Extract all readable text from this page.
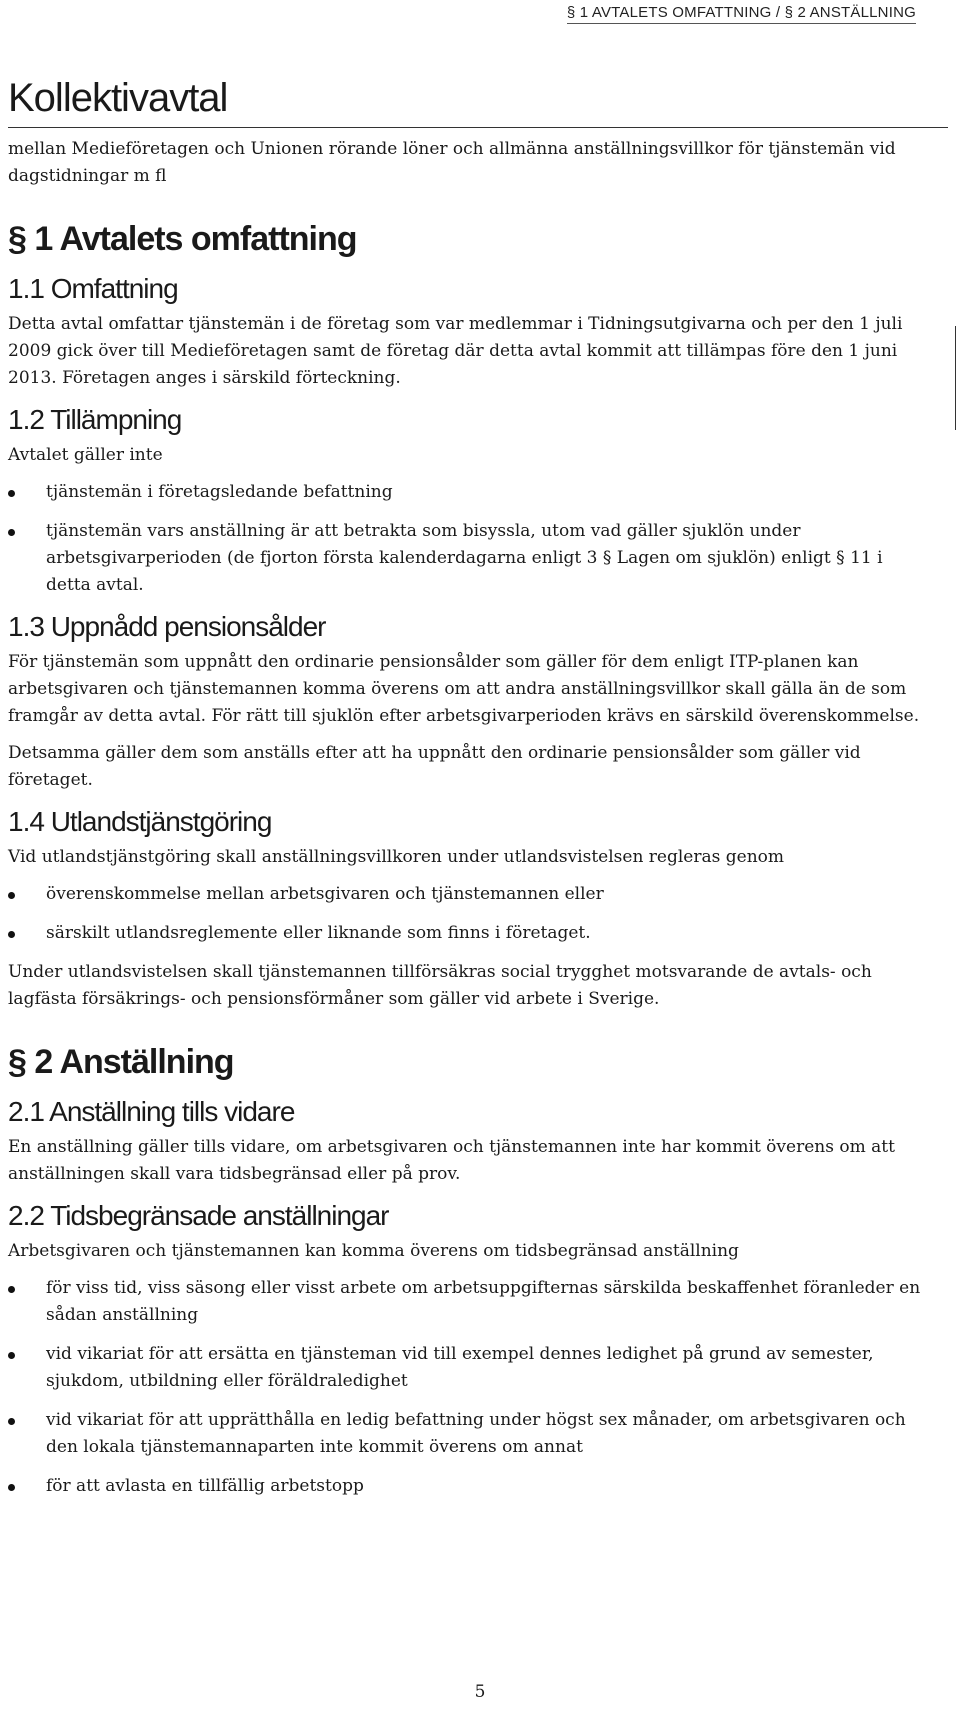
§ 1 AVTALETS OMFATTNING / § 2 ANSTÄLLNING
Kollektivavtal

mellan Medieföretagen och Unionen rörande löner och allmänna anställningsvillkor för tjänstemän vid dagstidningar m fl

§ 1 Avtalets omfattning
1.1 Omfattning

Detta avtal omfattar tjänstemän i de företag som var medlemmar i Tidningsutgivarna och per den 1 juli 2009 gick över till Medieföretagen samt de företag där detta avtal kommit att tillämpas före den 1 juni 2013. Företagen anges i särskild förteckning.

1.2 Tillämpning

Avtalet gäller inte

tjänstemän i företagsledande befattning
tjänstemän vars anställning är att betrakta som bisyssla, utom vad gäller sjuklön under arbetsgivarperioden (de fjorton första kalenderdagarna enligt 3 § Lagen om sjuklön) enligt § 11 i detta avtal.
1.3 Uppnådd pensionsålder

För tjänstemän som uppnått den ordinarie pensionsålder som gäller för dem enligt ITP-planen kan arbetsgivaren och tjänstemannen komma överens om att andra anställningsvillkor skall gälla än de som framgår av detta avtal. För rätt till sjuklön efter arbetsgivarperioden krävs en särskild överenskommelse.

Detsamma gäller dem som anställs efter att ha uppnått den ordinarie pensionsålder som gäller vid företaget.

1.4 Utlandstjänstgöring

Vid utlandstjänstgöring skall anställningsvillkoren under utlandsvistelsen regleras genom

överenskommelse mellan arbetsgivaren och tjänstemannen eller
särskilt utlandsreglemente eller liknande som finns i företaget.

Under utlandsvistelsen skall tjänstemannen tillförsäkras social trygghet motsvarande de avtals- och lagfästa försäkrings- och pensionsförmåner som gäller vid arbete i Sverige.

§ 2 Anställning
2.1 Anställning tills vidare

En anställning gäller tills vidare, om arbetsgivaren och tjänstemannen inte har kommit överens om att anställningen skall vara tidsbegränsad eller på prov.

2.2 Tidsbegränsade anställningar

Arbetsgivaren och tjänstemannen kan komma överens om tidsbegränsad anställning

för viss tid, viss säsong eller visst arbete om arbetsuppgifternas särskilda beskaffenhet föranleder en sådan anställning
vid vikariat för att ersätta en tjänsteman vid till exempel dennes ledighet på grund av semester, sjukdom, utbildning eller föräldraledighet
vid vikariat för att upprätthålla en ledig befattning under högst sex månader, om arbetsgivaren och den lokala tjänstemannaparten inte kommit överens om annat
för att avlasta en tillfällig arbetstopp
5
